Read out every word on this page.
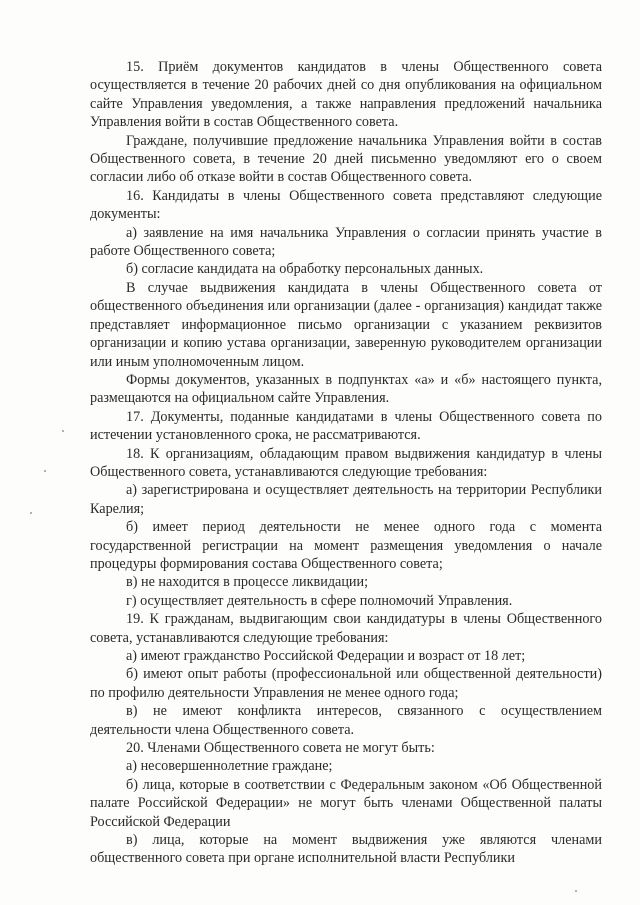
15. Приём документов кандидатов в члены Общественного совета осуществляется в течение 20 рабочих дней со дня опубликования на официальном сайте Управления уведомления, а также направления предложений начальника Управления войти в состав Общественного совета.

Граждане, получившие предложение начальника Управления войти в состав Общественного совета, в течение 20 дней письменно уведомляют его о своем согласии либо об отказе войти в состав Общественного совета.

16. Кандидаты в члены Общественного совета представляют следующие документы:

а) заявление на имя начальника Управления о согласии принять участие в работе Общественного совета;

б) согласие кандидата на обработку персональных данных.

В случае выдвижения кандидата в члены Общественного совета от общественного объединения или организации (далее - организация) кандидат также представляет информационное письмо организации с указанием реквизитов организации и копию устава организации, заверенную руководителем организации или иным уполномоченным лицом.

Формы документов, указанных в подпунктах «а» и «б» настоящего пункта, размещаются на официальном сайте Управления.

17. Документы, поданные кандидатами в члены Общественного совета по истечении установленного срока, не рассматриваются.

18. К организациям, обладающим правом выдвижения кандидатур в члены Общественного совета, устанавливаются следующие требования:

а) зарегистрирована и осуществляет деятельность на территории Республики Карелия;

б) имеет период деятельности не менее одного года с момента государственной регистрации на момент размещения уведомления о начале процедуры формирования состава Общественного совета;

в) не находится в процессе ликвидации;

г) осуществляет деятельность в сфере полномочий Управления.

19. К гражданам, выдвигающим свои кандидатуры в члены Общественного совета, устанавливаются следующие требования:

а) имеют гражданство Российской Федерации и возраст от 18 лет;

б) имеют опыт работы (профессиональной или общественной деятельности) по профилю деятельности Управления не менее одного года;

в) не имеют конфликта интересов, связанного с осуществлением деятельности члена Общественного совета.

20. Членами Общественного совета не могут быть:

а) несовершеннолетние граждане;

б) лица, которые в соответствии с Федеральным законом «Об Общественной палате Российской Федерации» не могут быть членами Общественной палаты Российской Федерации

в) лица, которые на момент выдвижения уже являются членами общественного совета при органе исполнительной власти Республики
